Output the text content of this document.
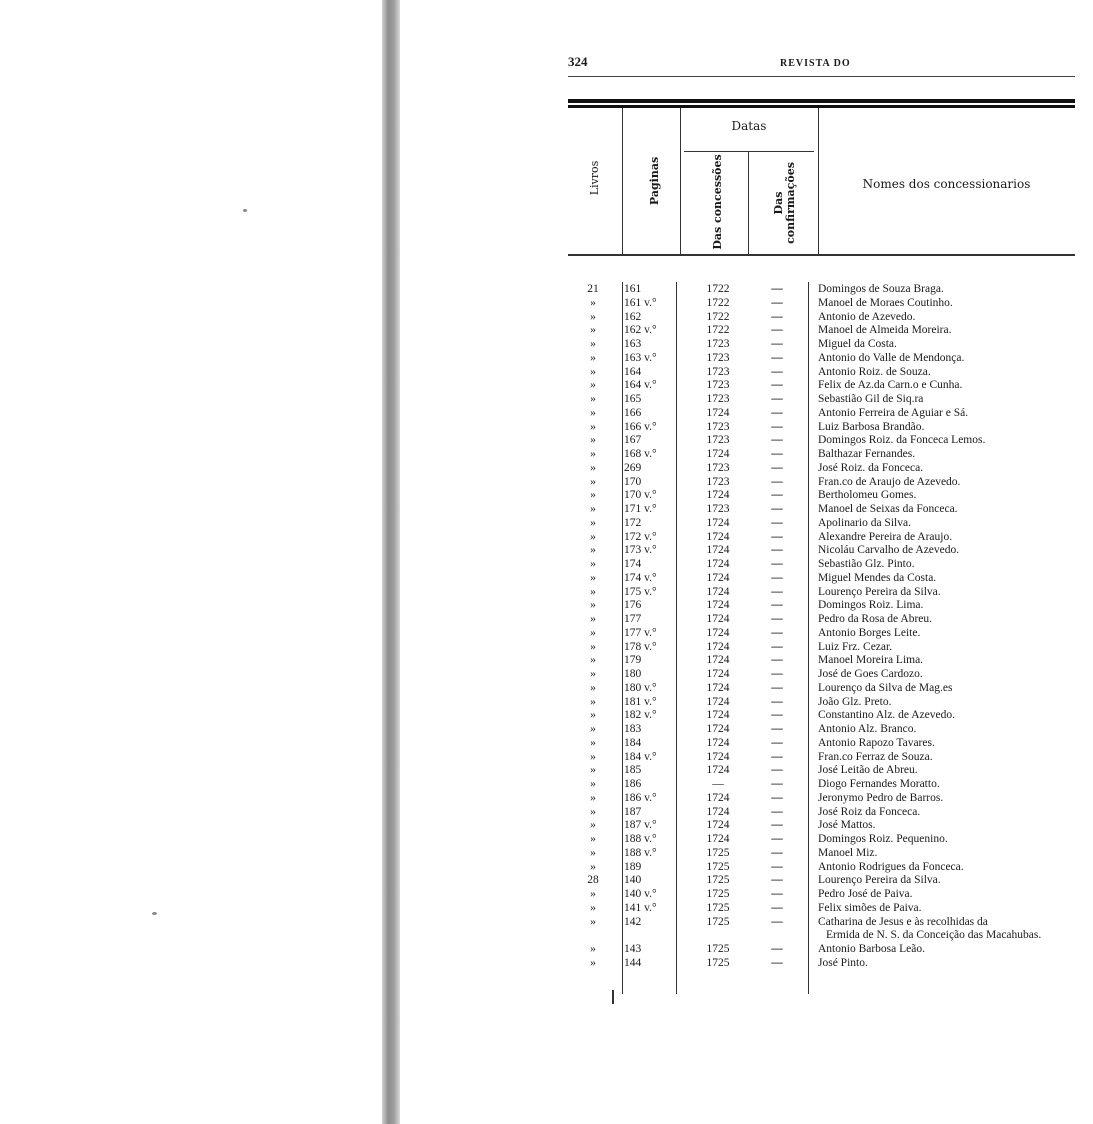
324	REVISTA DO
Livros	Paginas
Datas
Das concessões	Das confirmações	Nomes dos concessionarios
21	161	1722	—	Domingos de Souza Braga.
»	161 v.°	1722	—	Manoel de Moraes Coutinho.
»	162	1722	—	Antonio de Azevedo.
»	162 v.°	1722	—	Manoel de Almeida Moreira.
»	163	1723	—	Miguel da Costa.
»	163 v.°	1723	—	Antonio do Valle de Mendonça.
»	164	1723	—	Antonio Roiz. de Souza.
»	164 v.°	1723	—	Felix de Az.da Carn.o e Cunha.
»	165	1723	—	Sebastião Gil de Siq.ra
»	166	1724	—	Antonio Ferreira de Aguiar e Sá.
»	166 v.°	1723	—	Luiz Barbosa Brandão.
»	167	1723	—	Domingos Roiz. da Fonceca Lemos.
»	168 v.°	1724	—	Balthazar Fernandes.
»	269	1723	—	José Roiz. da Fonceca.
»	170	1723	—	Fran.co de Araujo de Azevedo.
»	170 v.°	1724	—	Bertholomeu Gomes.
»	171 v.°	1723	—	Manoel de Seixas da Fonceca.
»	172	1724	—	Apolinario da Silva.
»	172 v.°	1724	—	Alexandre Pereira de Araujo.
»	173 v.°	1724	—	Nicoláu Carvalho de Azevedo.
»	174	1724	—	Sebastião Glz. Pinto.
»	174 v.°	1724	—	Miguel Mendes da Costa.
»	175 v.°	1724	—	Lourenço Pereira da Silva.
»	176	1724	—	Domingos Roiz. Lima.
»	177	1724	—	Pedro da Rosa de Abreu.
»	177 v.°	1724	—	Antonio Borges Leite.
»	178 v.°	1724	—	Luiz Frz. Cezar.
»	179	1724	—	Manoel Moreira Lima.
»	180	1724	—	José de Goes Cardozo.
»	180 v.°	1724	—	Lourenço da Silva de Mag.es
»	181 v.°	1724	—	João Glz. Preto.
»	182 v.°	1724	—	Constantino Alz. de Azevedo.
»	183	1724	—	Antonio Alz. Branco.
»	184	1724	—	Antonio Rapozo Tavares.
»	184 v.°	1724	—	Fran.co Ferraz de Souza.
»	185	1724	—	José Leitão de Abreu.
»	186	—	—	Diogo Fernandes Moratto.
»	186 v.°	1724	—	Jeronymo Pedro de Barros.
»	187	1724	—	José Roiz da Fonceca.
»	187 v.°	1724	—	José Mattos.
»	188 v.°	1724	—	Domingos Roiz. Pequenino.
»	188 v.°	1725	—	Manoel Miz.
»	189	1725	—	Antonio Rodrigues da Fonceca.
28	140	1725	—	Lourenço Pereira da Silva.
»	140 v.°	1725	—	Pedro José de Paiva.
»	141 v.°	1725	—	Felix simões de Paiva.
»	142	1725	—	Catharina de Jesus e às recolhidas da
Ermida de N. S. da Conceição das Macahubas.
»	143	1725	—	Antonio Barbosa Leão.
»	144	1725	—	José Pinto.
